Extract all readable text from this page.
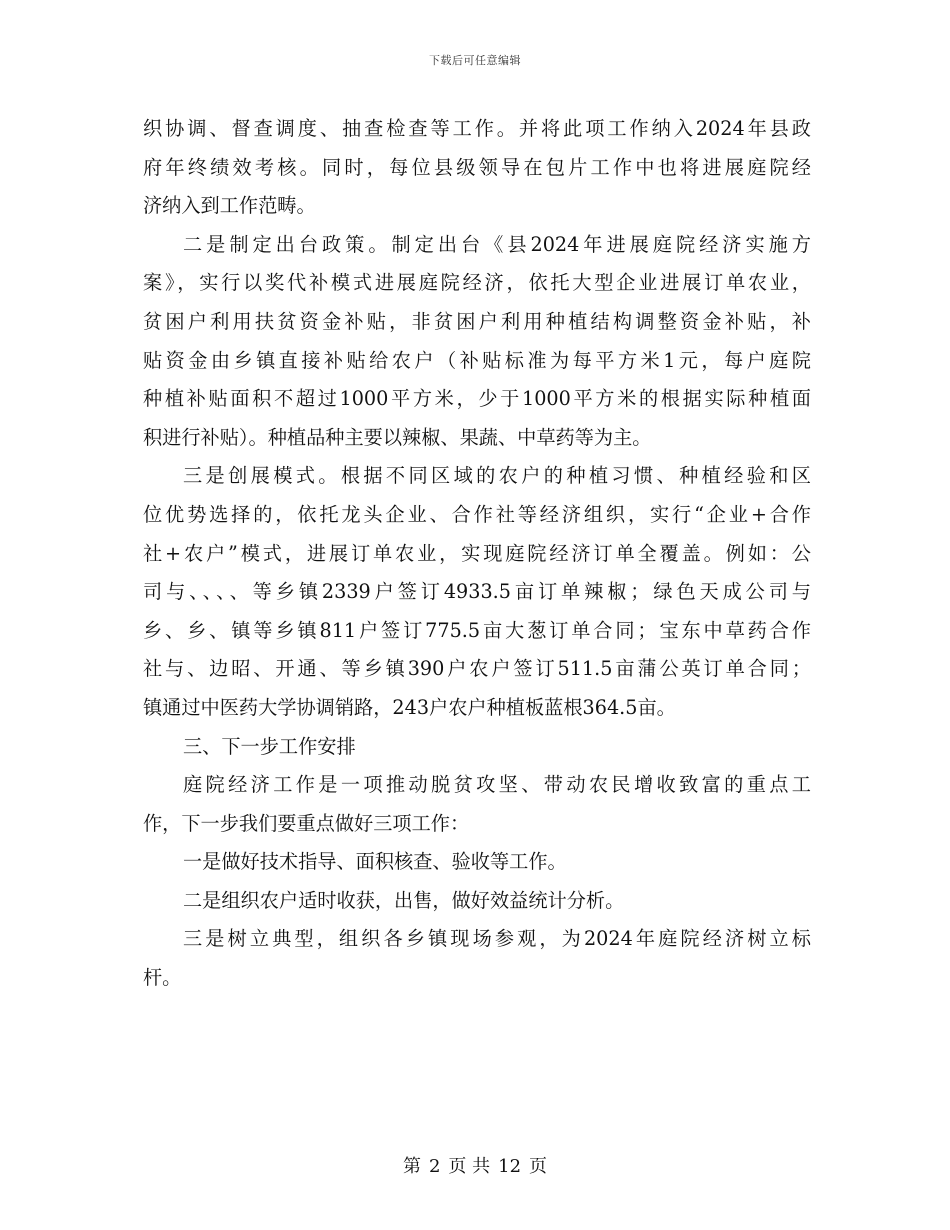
下载后可任意编辑
织协调、督查调度、抽查检查等工作。并将此项工作纳入2024年县政
府年终绩效考核。同时，每位县级领导在包片工作中也将进展庭院经
济纳入到工作范畴。
二是制定出台政策。制定出台《县2024年进展庭院经济实施方
案》，实行以奖代补模式进展庭院经济，依托大型企业进展订单农业，
贫困户利用扶贫资金补贴，非贫困户利用种植结构调整资金补贴，补
贴资金由乡镇直接补贴给农户（补贴标准为每平方米1元，每户庭院
种植补贴面积不超过1000平方米，少于1000平方米的根据实际种植面
积进行补贴）。种植品种主要以辣椒、果蔬、中草药等为主。
三是创展模式。根据不同区域的农户的种植习惯、种植经验和区
位优势选择的，依托龙头企业、合作社等经济组织，实行“企业+合作
社+农户”模式，进展订单农业，实现庭院经济订单全覆盖。例如：公
司与、、、、等乡镇2339户签订4933.5亩订单辣椒；绿色天成公司与
乡、乡、镇等乡镇811户签订775.5亩大葱订单合同；宝东中草药合作
社与、边昭、开通、等乡镇390户农户签订511.5亩蒲公英订单合同；
镇通过中医药大学协调销路，243户农户种植板蓝根364.5亩。
三、下一步工作安排
庭院经济工作是一项推动脱贫攻坚、带动农民增收致富的重点工
作，下一步我们要重点做好三项工作：
一是做好技术指导、面积核查、验收等工作。
二是组织农户适时收获，出售，做好效益统计分析。
三是树立典型，组织各乡镇现场参观，为2024年庭院经济树立标
杆。
第 2 页 共 12 页
